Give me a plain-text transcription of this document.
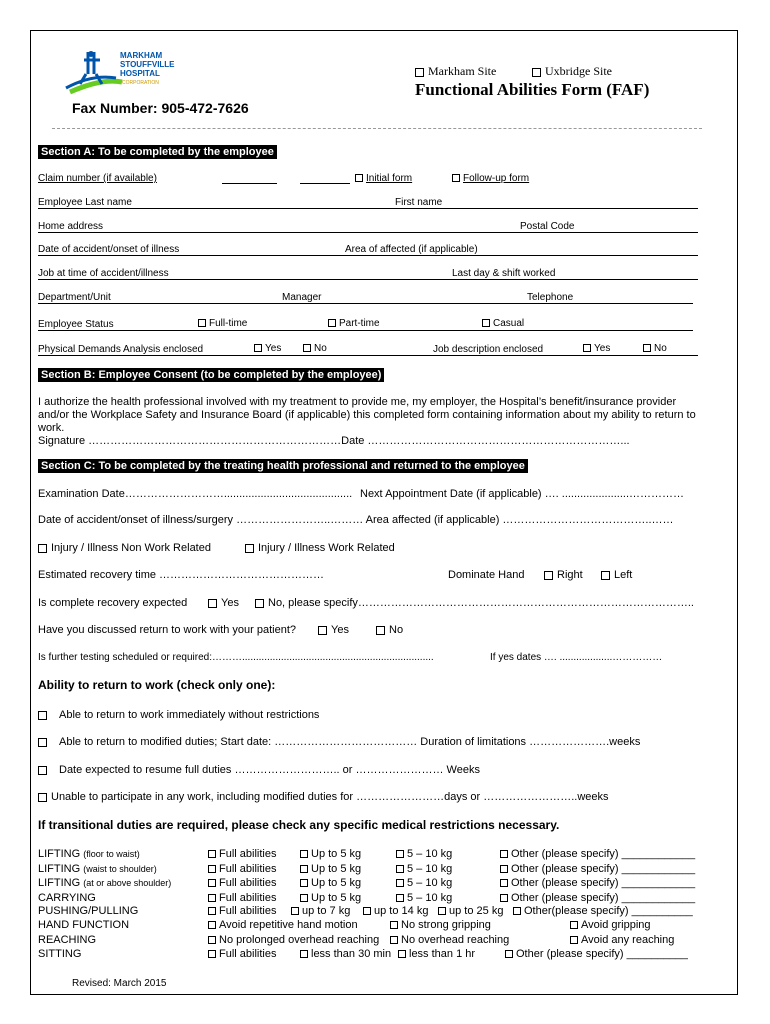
MARKHAM
STOUFFVILLE
HOSPITAL
CORPORATION
Markham Site	Uxbridge Site
Functional Abilities Form (FAF)
Fax Number: 905-472-7626
Section A: To be completed by the employee
Claim number (if available)	Initial form	Follow-up form
Employee Last name	First name
Home address	Postal Code
Date of accident/onset of illness	Area of affected (if applicable)
Job at time of accident/illness	Last day & shift worked
Department/Unit	Manager	Telephone
Employee Status	Full-time	Part-time	Casual
Physical Demands Analysis enclosed	Yes	No	Job description enclosed	Yes	No
Section B: Employee Consent (to be completed by the employee)
I authorize the health professional involved with my treatment to provide me, my employer, the Hospital’s benefit/insurance provider
and/or the Workplace Safety and Insurance Board (if applicable) this completed form containing information about my ability to return to
work.
Signature ……………………………………………………………Date ……………………………………………………………...
Section C: To be completed by the treating health professional and returned to the employee
Examination Date……………………….......................................... Next Appointment Date (if applicable) …. ......................……………
Date of accident/onset of illness/surgery ……………………..……… Area affected (if applicable) …………………………………..……
Injury / Illness Non Work Related	Injury / Illness Work Related
Estimated recovery time ………………………………………	Dominate Hand	Right	Left
Is complete recovery expected	Yes	No, please specify………………………………………………………………………………..
Have you discussed return to work with your patient?	Yes	No
Is further testing scheduled or required:……….....................................................................	If yes dates …. ...................……………
Ability to return to work (check only one):
Able to return to work immediately without restrictions
Able to return to modified duties; Start date: ………………………………… Duration of limitations ………………….weeks
Date expected to resume full duties ……………………….. or …………………… Weeks
Unable to participate in any work, including modified duties for ……………………days or ……………………..weeks
If transitional duties are required, please check any specific medical restrictions necessary.
LIFTING (floor to waist)	Full abilities	Up to 5 kg	5 – 10 kg	Other (please specify) ____________
LIFTING (waist to shoulder)	Full abilities	Up to 5 kg	5 – 10 kg	Other (please specify) ____________
LIFTING (at or above shoulder)	Full abilities	Up to 5 kg	5 – 10 kg	Other (please specify) ____________
CARRYING	Full abilities	Up to 5 kg	5 – 10 kg	Other (please specify) ____________
PUSHING/PULLING	Full abilities	up to 7 kg	up to 14 kg	up to 25 kg	Other(please specify) __________
HAND FUNCTION	Avoid repetitive hand motion	No strong gripping	Avoid gripping
REACHING	No prolonged overhead reaching	No overhead reaching	Avoid any reaching
SITTING	Full abilities	less than 30 min	less than 1 hr	Other (please specify) __________
Revised: March 2015
